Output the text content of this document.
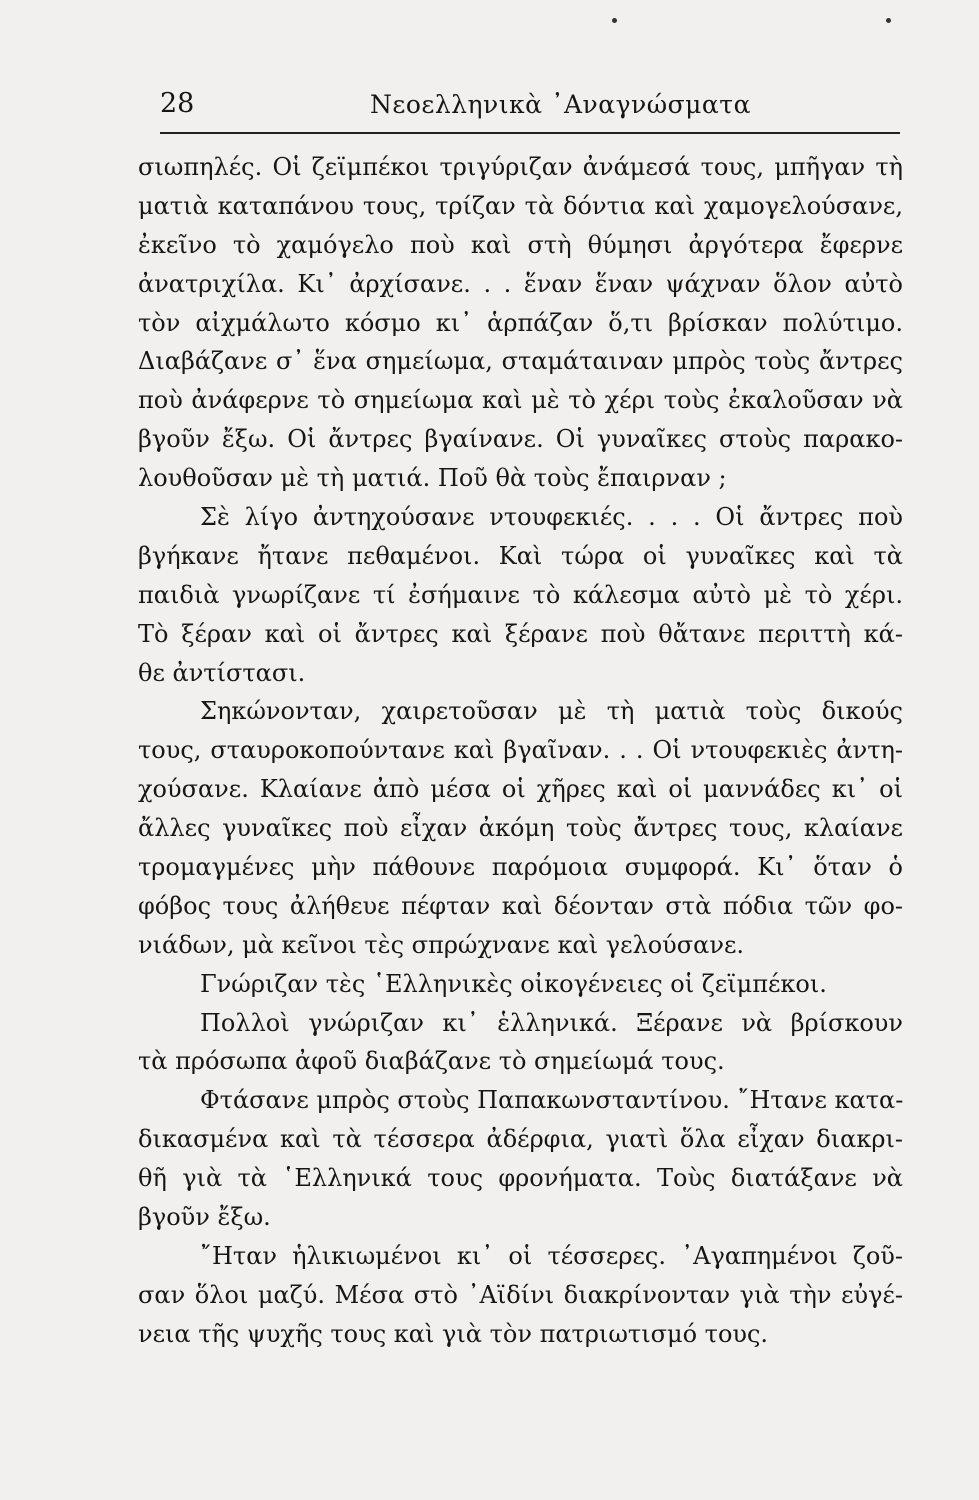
28	Νεοελληνικὰ ᾿Αναγνώσματα

σιωπηλές. Οἱ ζεϊμπέκοι τριγύριζαν ἀνάμεσά τους, μπῆγαν τὴ
ματιὰ καταπάνου τους, τρίζαν τὰ δόντια καὶ χαμογελούσανε,
ἐκεῖνο τὸ χαμόγελο ποὺ καὶ στὴ θύμησι ἀργότερα ἔφερνε
ἀνατριχίλα. Κι᾿ ἀρχίσανε. . . ἕναν ἕναν ψάχναν ὅλον αὐτὸ
τὸν αἰχμάλωτο κόσμο κι᾿ ἁρπάζαν ὅ,τι βρίσκαν πολύτιμο.
Διαβάζανε σ᾿ ἕνα σημείωμα, σταμάταιναν μπρὸς τοὺς ἄντρες
ποὺ ἀνάφερνε τὸ σημείωμα καὶ μὲ τὸ χέρι τοὺς ἐκαλοῦσαν νὰ
βγοῦν ἔξω. Οἱ ἄντρες βγαίνανε. Οἱ γυναῖκες στοὺς παρακο-
λουθοῦσαν μὲ τὴ ματιά. Ποῦ θὰ τοὺς ἔπαιρναν ;

Σὲ λίγο ἀντηχούσανε ντουφεκιές. . . . Οἱ ἄντρες ποὺ
βγήκανε ἤτανε πεθαμένοι. Καὶ τώρα οἱ γυναῖκες καὶ τὰ
παιδιὰ γνωρίζανε τί ἐσήμαινε τὸ κάλεσμα αὐτὸ μὲ τὸ χέρι.
Τὸ ξέραν καὶ οἱ ἄντρες καὶ ξέρανε ποὺ θἄτανε περιττὴ κά-
θε ἀντίστασι.

Σηκώνονταν, χαιρετοῦσαν μὲ τὴ ματιὰ τοὺς δικούς
τους, σταυροκοπούντανε καὶ βγαῖναν. . . Οἱ ντουφεκιὲς ἀντη-
χούσανε. Κλαίανε ἀπὸ μέσα οἱ χῆρες καὶ οἱ μαννάδες κι᾿ οἱ
ἄλλες γυναῖκες ποὺ εἶχαν ἀκόμη τοὺς ἄντρες τους, κλαίανε
τρομαγμένες μὴν πάθουνε παρόμοια συμφορά. Κι᾿ ὅταν ὁ
φόβος τους ἀλήθευε πέφταν καὶ δέονταν στὰ πόδια τῶν φο-
νιάδων, μὰ κεῖνοι τὲς σπρώχνανε καὶ γελούσανε.

Γνώριζαν τὲς ῾Ελληνικὲς οἰκογένειες οἱ ζεϊμπέκοι.

Πολλοὶ γνώριζαν κι᾿ ἑλληνικά. Ξέρανε νὰ βρίσκουν
τὰ πρόσωπα ἀφοῦ διαβάζανε τὸ σημείωμά τους.

Φτάσανε μπρὸς στοὺς Παπακωνσταντίνου. ῎Ητανε κατα-
δικασμένα καὶ τὰ τέσσερα ἀδέρφια, γιατὶ ὅλα εἶχαν διακρι-
θῆ γιὰ τὰ ῾Ελληνικά τους φρονήματα. Τοὺς διατάξανε νὰ
βγοῦν ἔξω.

῎Ηταν ἡλικιωμένοι κι᾿ οἱ τέσσερες. ᾿Αγαπημένοι ζοῦ-
σαν ὅλοι μαζύ. Μέσα στὸ ᾿Αϊδίνι διακρίνονταν γιὰ τὴν εὐγέ-
νεια τῆς ψυχῆς τους καὶ γιὰ τὸν πατριωτισμό τους.
